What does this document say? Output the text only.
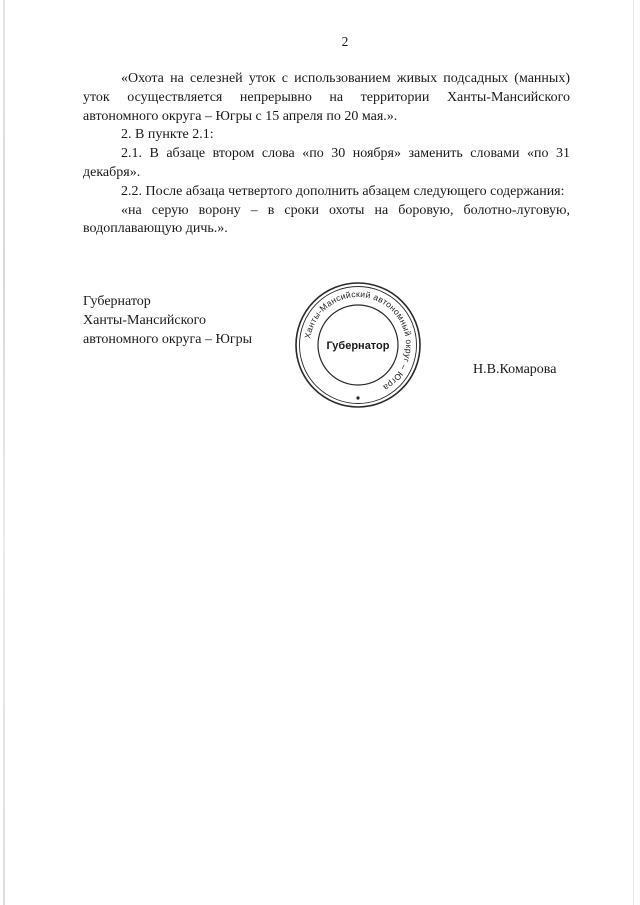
2

«Охота на селезней уток с использованием живых подсадных (манных) уток осуществляется непрерывно на территории Ханты-Мансийского автономного округа – Югры с 15 апреля по 20 мая.».

2. В пункте 2.1:

2.1. В абзаце втором слова «по 30 ноября» заменить словами «по 31 декабря».

2.2. После абзаца четвертого дополнить абзацем следующего содержания:

«на серую ворону – в сроки охоты на боровую, болотно-луговую, водоплавающую дичь.».

Губернатор
Ханты-Мансийского
автономного округа – Югры	Ханты-Мансийский автономный округ – Югра
Губернатор
Н.В.Комарова
